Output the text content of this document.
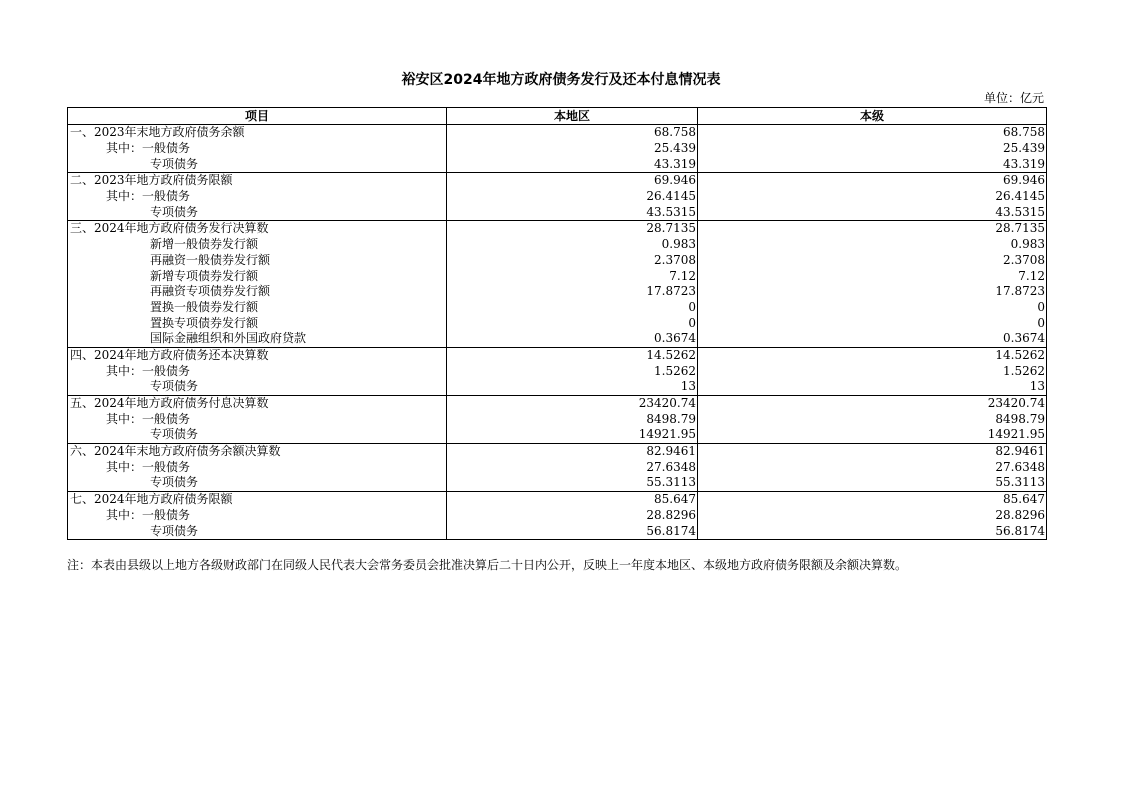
裕安区2024年地方政府债务发行及还本付息情况表
单位：亿元
项目	本地区	本级
一、2023年末地方政府债务余额	68.758	68.758
其中：一般债务	25.439	25.439
专项债务	43.319	43.319
二、2023年地方政府债务限额	69.946	69.946
其中：一般债务	26.4145	26.4145
专项债务	43.5315	43.5315
三、2024年地方政府债务发行决算数	28.7135	28.7135
新增一般债券发行额	0.983	0.983
再融资一般债券发行额	2.3708	2.3708
新增专项债券发行额	7.12	7.12
再融资专项债券发行额	17.8723	17.8723
置换一般债券发行额	0	0
置换专项债券发行额	0	0
国际金融组织和外国政府贷款	0.3674	0.3674
四、2024年地方政府债务还本决算数	14.5262	14.5262
其中：一般债务	1.5262	1.5262
专项债务	13	13
五、2024年地方政府债务付息决算数	23420.74	23420.74
其中：一般债务	8498.79	8498.79
专项债务	14921.95	14921.95
六、2024年末地方政府债务余额决算数	82.9461	82.9461
其中：一般债务	27.6348	27.6348
专项债务	55.3113	55.3113
七、2024年地方政府债务限额	85.647	85.647
其中：一般债务	28.8296	28.8296
专项债务	56.8174	56.8174
注：本表由县级以上地方各级财政部门在同级人民代表大会常务委员会批准决算后二十日内公开，反映上一年度本地区、本级地方政府债务限额及余额决算数。
